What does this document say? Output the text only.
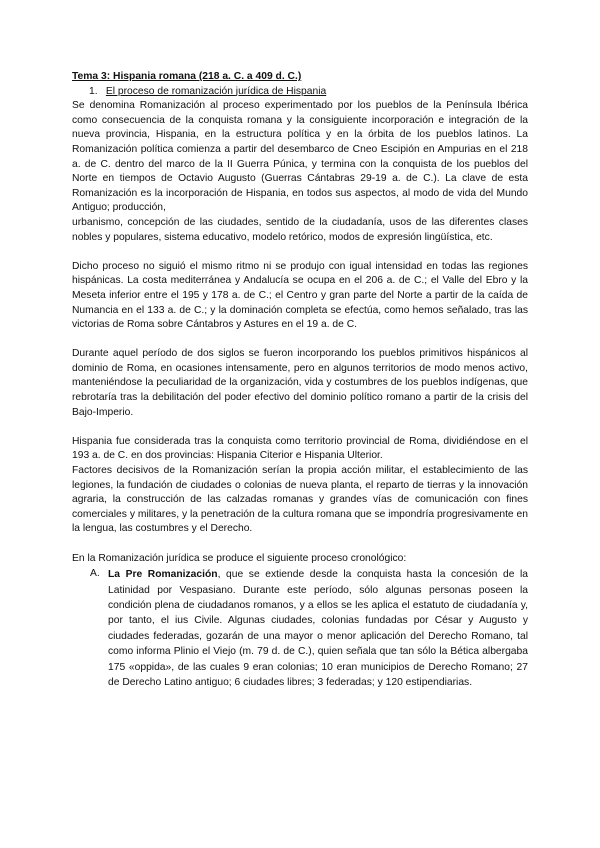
Tema 3: Hispania romana (218 a. C. a 409 d. C.)
1. El proceso de romanización jurídica de Hispania

Se denomina Romanización al proceso experimentado por los pueblos de la Península Ibérica como consecuencia de la conquista romana y la consiguiente incorporación e integración de la nueva provincia, Hispania, en la estructura política y en la órbita de los pueblos latinos. La Romanización política comienza a partir del desembarco de Cneo Escipión en Ampurias en el 218 a. de C. dentro del marco de la II Guerra Púnica, y termina con la conquista de los pueblos del Norte en tiempos de Octavio Augusto (Guerras Cántabras 29-19 a. de C.). La clave de esta Romanización es la incorporación de Hispania, en todos sus aspectos, al modo de vida del Mundo Antiguo; producción,

urbanismo, concepción de las ciudades, sentido de la ciudadanía, usos de las diferentes clases nobles y populares, sistema educativo, modelo retórico, modos de expresión lingüística, etc.

Dicho proceso no siguió el mismo ritmo ni se produjo con igual intensidad en todas las regiones hispánicas. La costa mediterránea y Andalucía se ocupa en el 206 a. de C.; el Valle del Ebro y la Meseta inferior entre el 195 y 178 a. de C.; el Centro y gran parte del Norte a partir de la caída de Numancia en el 133 a. de C.; y la dominación completa se efectúa, como hemos señalado, tras las victorias de Roma sobre Cántabros y Astures en el 19 a. de C.

Durante aquel período de dos siglos se fueron incorporando los pueblos primitivos hispánicos al dominio de Roma, en ocasiones intensamente, pero en algunos territorios de modo menos activo, manteniéndose la peculiaridad de la organización, vida y costumbres de los pueblos indígenas, que rebrotaría tras la debilitación del poder efectivo del dominio político romano a partir de la crisis del Bajo-Imperio.

Hispania fue considerada tras la conquista como territorio provincial de Roma, dividiéndose en el 193 a. de C. en dos provincias: Hispania Citerior e Hispania Ulterior.

Factores decisivos de la Romanización serían la propia acción militar, el establecimiento de las legiones, la fundación de ciudades o colonias de nueva planta, el reparto de tierras y la innovación agraria, la construcción de las calzadas romanas y grandes vías de comunicación con fines comerciales y militares, y la penetración de la cultura romana que se impondría progresivamente en la lengua, las costumbres y el Derecho.

En la Romanización jurídica se produce el siguiente proceso cronológico:

A. La Pre Romanización, que se extiende desde la conquista hasta la concesión de la Latinidad por Vespasiano. Durante este período, sólo algunas personas poseen la condición plena de ciudadanos romanos, y a ellos se les aplica el estatuto de ciudadanía y, por tanto, el ius Civile. Algunas ciudades, colonias fundadas por César y Augusto y ciudades federadas, gozarán de una mayor o menor aplicación del Derecho Romano, tal como informa Plinio el Viejo (m. 79 d. de C.), quien señala que tan sólo la Bética albergaba 175 «oppida», de las cuales 9 eran colonias; 10 eran municipios de Derecho Romano; 27 de Derecho Latino antiguo; 6 ciudades libres; 3 federadas; y 120 estipendiarias.
